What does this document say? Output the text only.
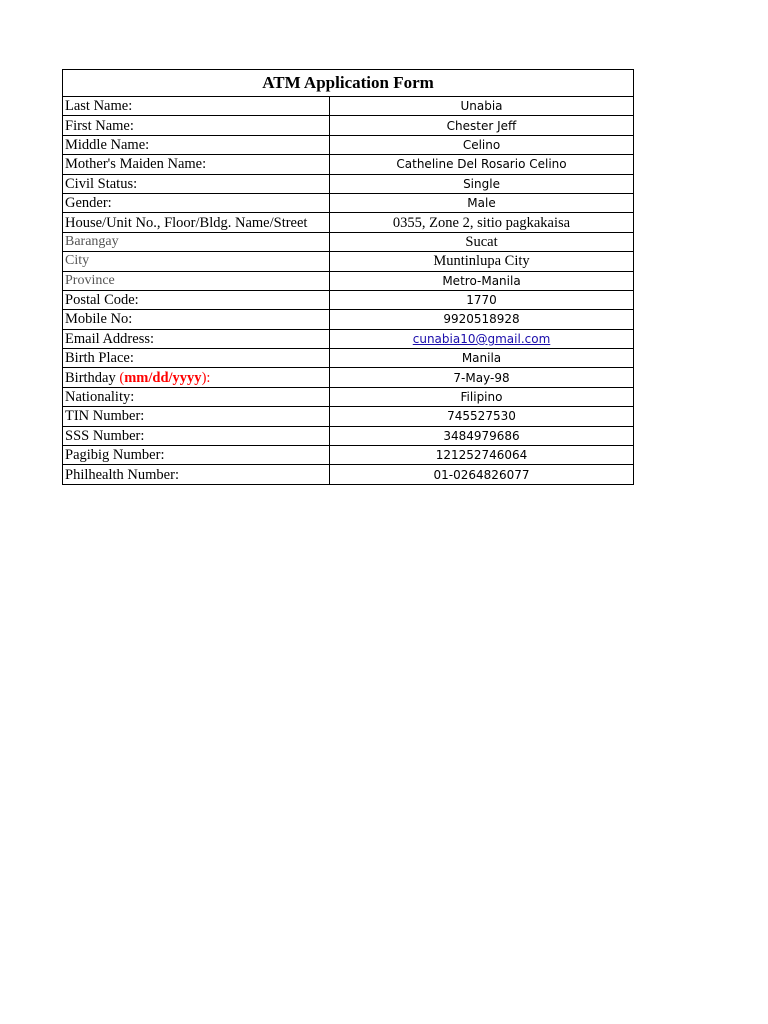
ATM Application Form	
Last Name:	Unabia
First Name:	Chester Jeff
Middle Name:	Celino
Mother's Maiden Name:	Catheline Del Rosario Celino
Civil Status:	Single
Gender:	Male
House/Unit No., Floor/Bldg. Name/Street	0355, Zone 2, sitio pagkakaisa
Barangay	Sucat
City	Muntinlupa City
Province	Metro-Manila
Postal Code:	1770
Mobile No:	9920518928
Email Address:	cunabia10@gmail.com
Birth Place:	Manila
Birthday (mm/dd/yyyy):	7-May-98
Nationality:	Filipino
TIN Number:	745527530
SSS Number:	3484979686
Pagibig Number:	121252746064
Philhealth Number:	01-0264826077
